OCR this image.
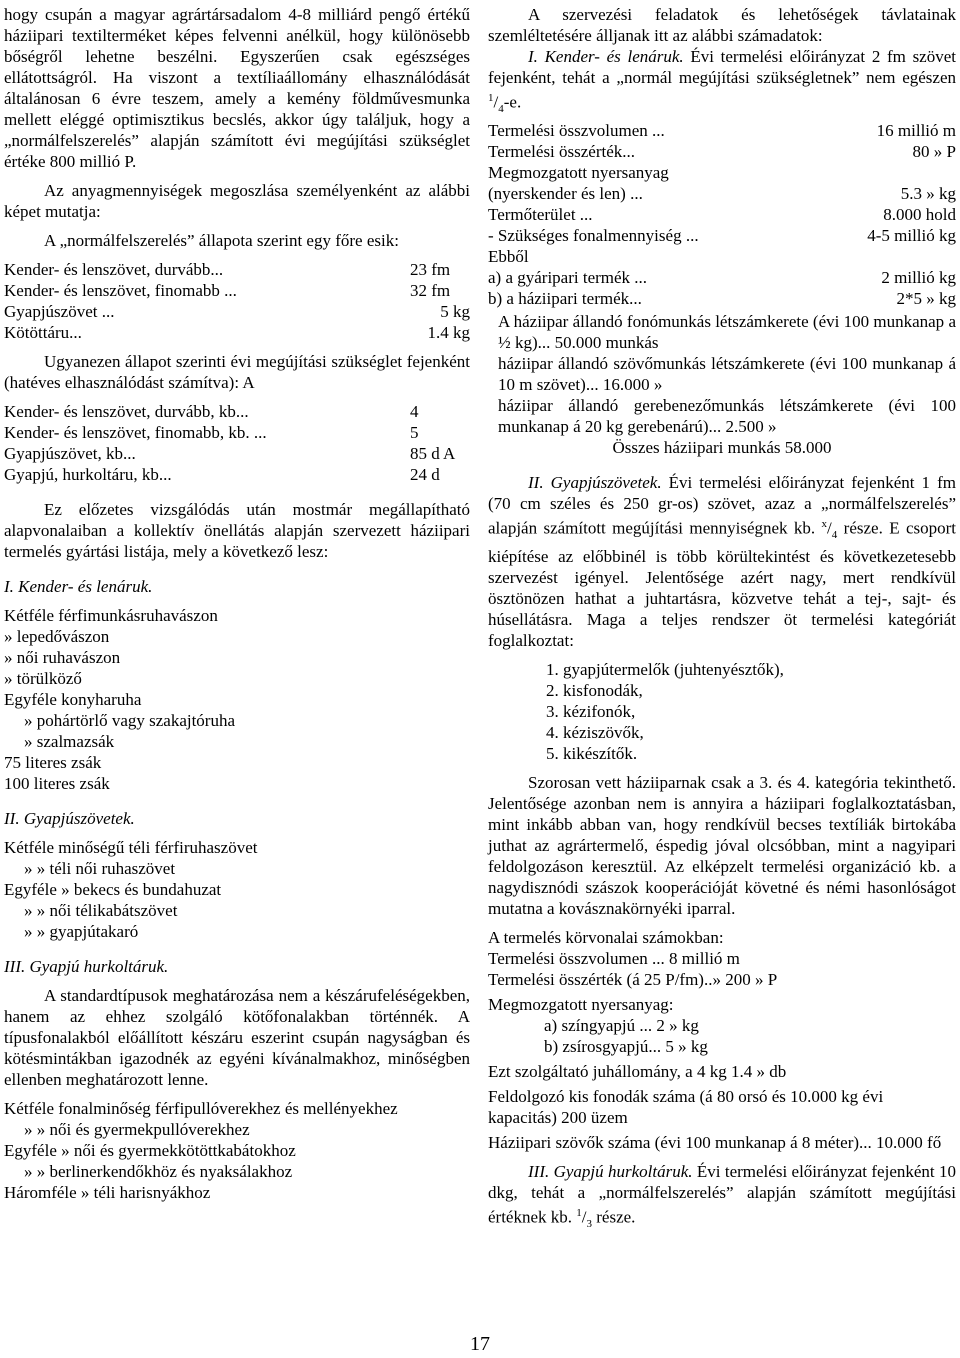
hogy csupán a magyar agrártársadalom 4-8 milliárd pengő értékű háziipari textilterméket képes felvenni anélkül, hogy különösebb bőségről lehetne beszélni. Egyszerűen csak egészséges ellátottságról. Ha viszont a textíliaállomány elhasználódását általánosan 6 évre teszem, amely a kemény földművesmunka mellett eléggé optimisztikus becslés, akkor úgy találjuk, hogy a „normálfelszerelés” alapján számított évi megújítási szükséglet értéke 800 millió P.

Az anyagmennyiségek megoszlása személyenként az alábbi képet mutatja:

A „normálfelszerelés” állapota szerint egy főre esik:

Kender- és lenszövet, durvább...	23 fm
Kender- és lenszövet, finomabb ...	32 fm
Gyapjúszövet ...	5 kg
Kötöttáru...	1.4 kg

Ugyanezen állapot szerinti évi megújítási szükséglet fejenként (hatéves elhasználódást számítva): A

Kender- és lenszövet, durvább, kb...	4
Kender- és lenszövet, finomabb, kb. ...	5
Gyapjúszövet, kb...	85 d A
Gyapjú, hurkoltáru, kb...	24 d

Ez előzetes vizsgálódás után mostmár megállapítható alapvonalaiban a kollektív önellátás alapján szervezett háziipari termelés gyártási listája, mely a következő lesz:

I. Kender- és lenáruk.

Kétféle férfimunkásruhavászon

» lepedővászon

» női ruhavászon

» törülköző

Egyféle konyharuha

» pohártörlő vagy szakajtóruha

» szalmazsák

75 literes zsák

100 literes zsák

II. Gyapjúszövetek.

Kétféle minőségű téli férfiruhaszövet

» » téli női ruhaszövet

Egyféle » bekecs és bundahuzat

» » női télikabátszövet

» » gyapjútakaró

III. Gyapjú hurkoltáruk.

A standardtípusok meghatározása nem a készárufeléségekben, hanem az ehhez szolgáló kötőfonalakban történnék. A típusfonalakból előállított készáru eszerint csupán nagyságban és kötésmintákban igazodnék az egyéni kívánalmakhoz, minőségben ellenben meghatározott lenne.

Kétféle fonalminőség férfipullóverekhez és mellényekhez

» » női és gyermekpullóverekhez

Egyféle » női és gyermekkötöttkabátokhoz

» » berlinerkendőkhöz és nyaksálakhoz

Háromféle » téli harisnyákhoz

A szervezési feladatok és lehetőségek távlatainak szemléltetésére álljanak itt az alábbi számadatok:

I. Kender- és lenáruk. Évi termelési előirányzat 2 fm szövet fejenként, tehát a „normál megújítási szükségletnek” nem egészen $^1/_4-e$.

Termelési összvolumen ...	16 millió m
Termelési összérték...	80 » P
Megmozgatott nyersanyag
(nyerskender és len) ...	5.3 » kg
Termőterület ...	8.000 hold
- Szükséges fonalmennyiség ...	4-5 millió kg
Ebből
a) a gyáripari termék ...	2 millió kg
b) a háziipari termék...	2*5 » kg

A háziipar állandó fonómunkás létszámkerete (évi 100 munkanap a ½ kg)... 50.000 munkás

háziipar állandó szövőmunkás létszámkerete (évi 100 munkanap á 10 m szövet)... 16.000 »

háziipar állandó gerebenezőmunkás létszámkerete (évi 100 munkanap á 20 kg gerebenárú)... 2.500 »

Összes háziipari munkás 58.000

II. Gyapjúszövetek. Évi termelési előirányzat fejenként 1 fm (70 cm széles és 250 gr-os) szövet, azaz a „normálfelszerelés” alapján számított megújítási mennyiségnek kb. $^x/_4$ része. E csoport kiépítése az előbbinél is több körültekintést és következetesebb szervezést igényel. Jelentősége azért nagy, mert rendkívül ösztönözen hathat a juhtartásra, közvetve tehát a tej-, sajt- és húsellátásra. Maga a teljes rendszer öt termelési kategóriát foglalkoztat:

1. gyapjútermelők (juhtenyésztők),

2. kisfonodák,

3. kézifonók,

4. kéziszövők,

5. kikészítők.

Szorosan vett háziiparnak csak a 3. és 4. kategória tekinthető. Jelentősége azonban nem is annyira a háziipari foglalkoztatásban, mint inkább abban van, hogy rendkívül becses textíliák birtokába juthat az agrártermelő, éspedig jóval olcsóbban, mint a nagyipari feldolgozáson keresztül. Az elképzelt termelési organizáció kb. a nagydisznódi szászok kooperációját követné és némi hasonlóságot mutatna a kovásznakörnyéki iparral.

A termelés körvonalai számokban:

Termelési összvolumen ... 8 millió m

Termelési összérték (á 25 P/fm)..» 200 » P

Megmozgatott nyersanyag:

a) színgyapjú ... 2 » kg

b) zsírosgyapjú... 5 » kg

Ezt szolgáltató juhállomány, a 4 kg 1.4 » db

Feldolgozó kis fonodák száma (á 80 orsó és 10.000 kg évi kapacitás) 200 üzem

Háziipari szövők száma (évi 100 munkanap á 8 méter)... 10.000 fő

III. Gyapjú hurkoltáruk. Évi termelési előirányzat fejenként 10 dkg, tehát a „normálfelszerelés” alapján számított megújítási értéknek kb. $^1/_3$ része.

17
